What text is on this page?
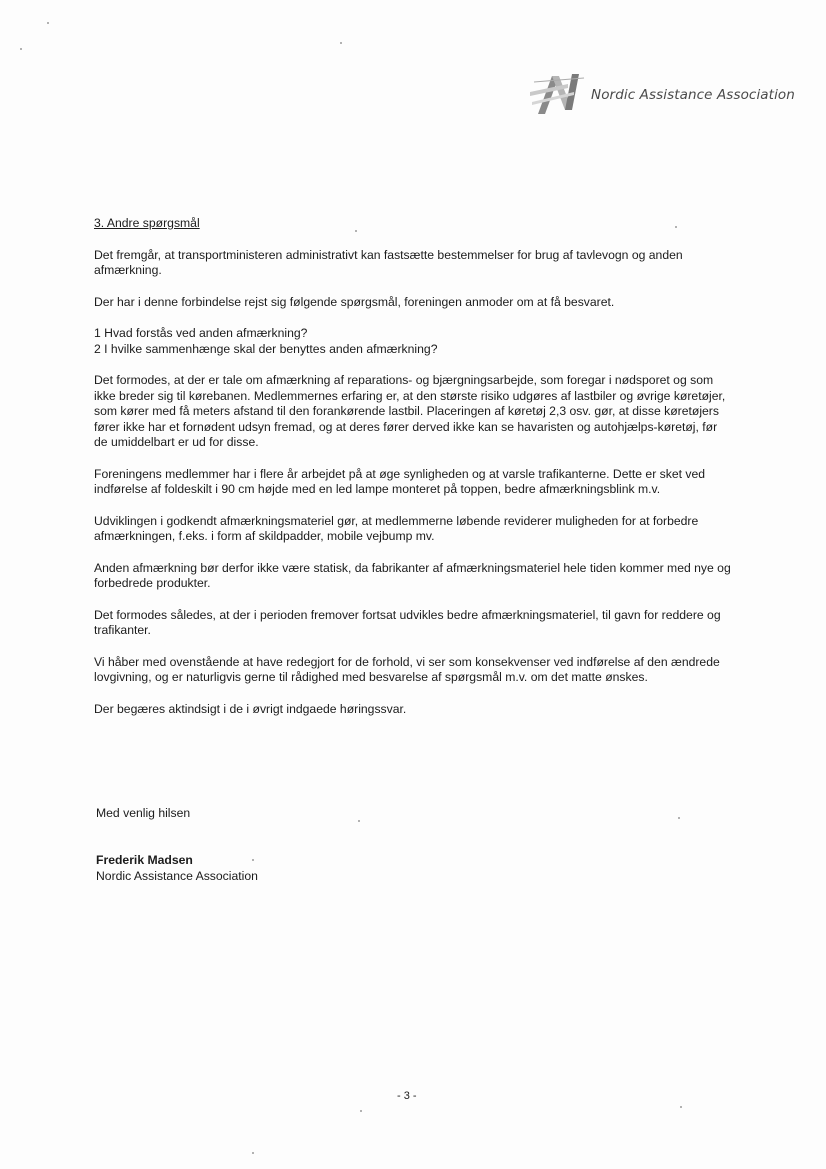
Nordic Assistance Association
3. Andre spørgsmål

Det fremgår, at transportministeren administrativt kan fastsætte bestemmelser for brug af tavlevogn og anden afmærkning.

Der har i denne forbindelse rejst sig følgende spørgsmål, foreningen anmoder om at få besvaret.

1 Hvad forstås ved anden afmærkning?
2 I hvilke sammenhænge skal der benyttes anden afmærkning?

Det formodes, at der er tale om afmærkning af reparations- og bjærgningsarbejde, som foregar i nødsporet og som ikke breder sig til kørebanen. Medlemmernes erfaring er, at den største risiko udgøres af lastbiler og øvrige køretøjer, som kører med få meters afstand til den forankørende lastbil. Placeringen af køretøj 2,3 osv. gør, at disse køretøjers fører ikke har et fornødent udsyn fremad, og at deres fører derved ikke kan se havaristen og autohjælps-køretøj, før de umiddelbart er ud for disse.

Foreningens medlemmer har i flere år arbejdet på at øge synligheden og at varsle trafikanterne. Dette er sket ved indførelse af foldeskilt i 90 cm højde med en led lampe monteret på toppen, bedre afmærkningsblink m.v.

Udviklingen i godkendt afmærkningsmateriel gør, at medlemmerne løbende reviderer muligheden for at forbedre afmærkningen, f.eks. i form af skildpadder, mobile vejbump mv.

Anden afmærkning bør derfor ikke være statisk, da fabrikanter af afmærkningsmateriel hele tiden kommer med nye og forbedrede produkter.

Det formodes således, at der i perioden fremover fortsat udvikles bedre afmærkningsmateriel, til gavn for reddere og trafikanter.

Vi håber med ovenstående at have redegjort for de forhold, vi ser som konsekvenser ved indførelse af den ændrede lovgivning, og er naturligvis gerne til rådighed med besvarelse af spørgsmål m.v. om det matte ønskes.

Der begæres aktindsigt i de i øvrigt indgaede høringssvar.

Med venlig hilsen
Frederik Madsen
Nordic Assistance Association
- 3 -
